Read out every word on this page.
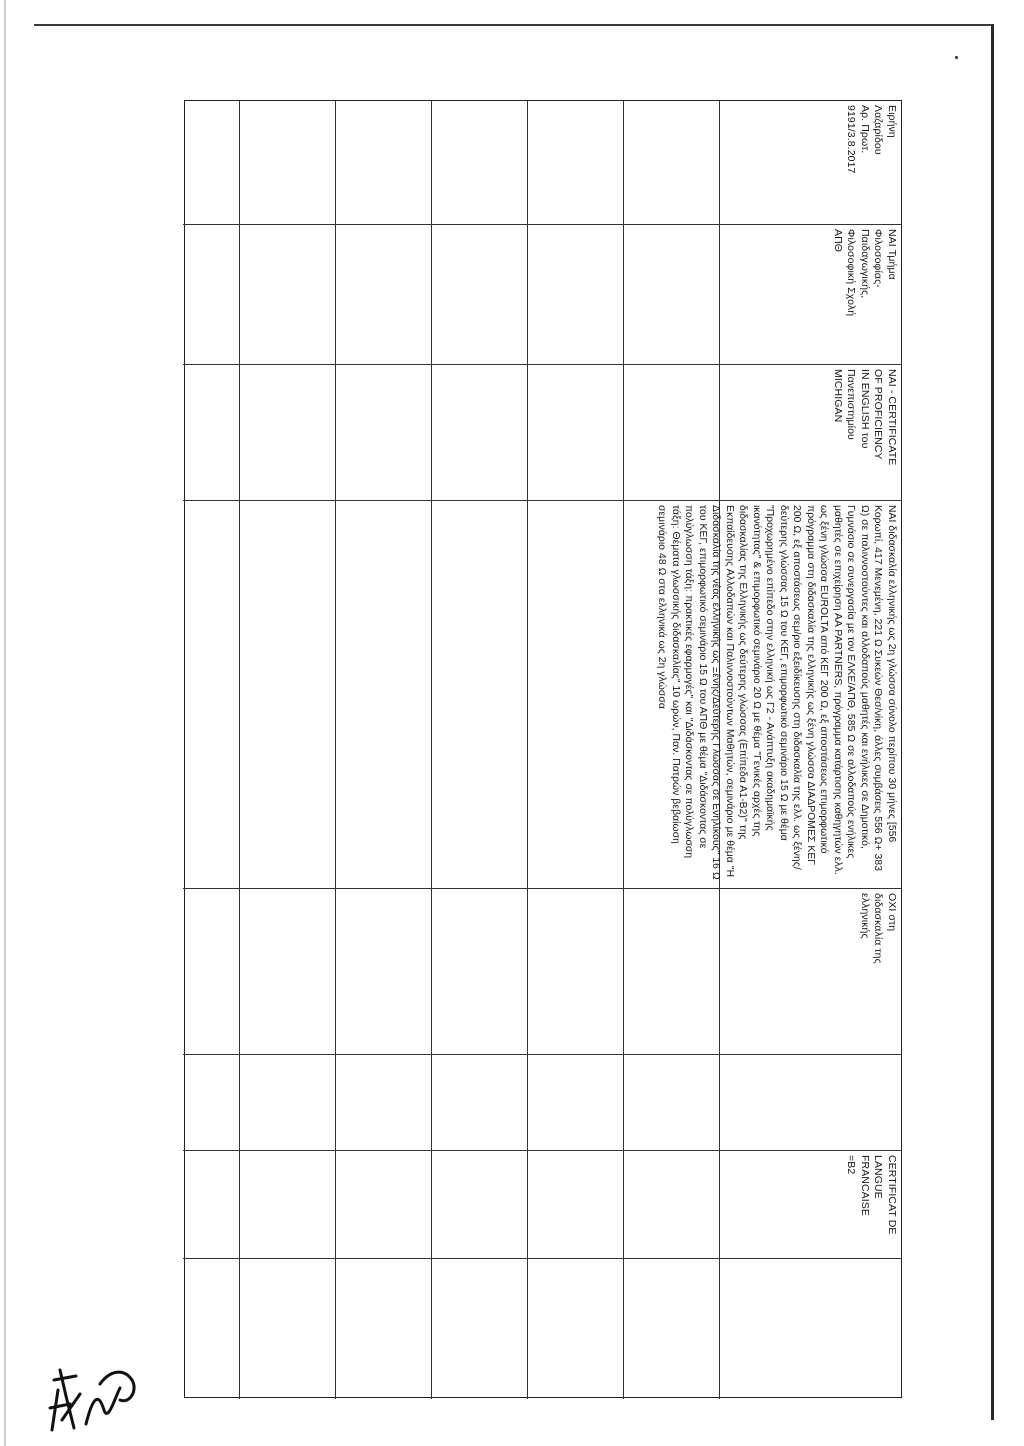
Ειρήνη
Λαζαρίδου
Αρ. Πρωτ.
9191/3.8.2017
ΝΑΙ Τμήμα
Φιλοσοφίας-
Παιδαγωγικής,
Φιλοσοφική Σχολή
ΑΠΘ
ΝΑΙ - CERTIFICATE
OF PROFICIENCY
IN ENGLISH του
Πανεπιστημίου
MICHIGAN
ΝΑΙ διδασκαλία ελληνικής ως 2η γλώσσα σύνολο περίπου 30 μήνες [556 Κορωπί, 417 Μενεμένη, 221 Ω Συκεών Θεσ/νίκη, άλλες συμβάσεις 556 Ω+ 383 Ω) σε παλιννοστούντες και αλλοδαπούς μαθητές και ενήλικες σε Δημοτικό, Γυμνάσιο σε συνεργασία με τον ΕΛΚΕ/ΑΠΘ, 585 Ω σε αλλοδαπούς ενήλικες μαθητές σε επιχείρηση ΑΑ PARTNERS, πρόγραμμα κατάρτισης καθηγητών ελλ. ως ξένη γλώσσα EUROLTA από ΚΕΓ 200 Ω, εξ αποστάσεως επιμορφωτικό πρόγραμμα στη διδασκαλία της ελληνικής ως ξένη γλώσσα ΔΙΑΔΡΟΜΕΣ ΚΕΓ 200 Ω, εξ αποστάσεως σεμ/ριο εξειδίκευσης στη διδασκαλία της ελλ. ως ξένης/δεύτερης γλώσσας 15 Ω του ΚΕΓ, επιμορφωτικό σεμινάριο 15 Ω με θέμα "Προχωρημένο επίπεδο στην ελληνική ως Γ2 - Ανάπτυξη ακαδημαϊκής ικανότητας" & επιμορφωτικό σεμινάριο 20 Ω με θέμα "Γενικές αρχές της διδασκαλίας της Ελληνικής ως δεύτερης γλώσσας (Επίπεδα Α1-Β2)" της Εκπαίδευσης Αλλοδαπών και Παλιννοστούντων Μαθητών, σεμινάριο με θέμα "Η Διδασκαλία της νέας ελληνικής ως Ξένης/Δεύτερης Γλώσσας σε Ενηλίκους" 16 Ω του ΚΕΓ, επιμορφωτικό σεμινάριο 15 Ω του ΑΠΘ με θέμα "Διδάσκοντας σε πολύγλωσση τάξη: πρακτικές εφαρμογές" και "Διδάσκοντας σε πολύγλωσση τάξη: Θέματα γλωσσικής διδασκαλίας" 10 ωρών, Παν. Πατρών βεβαίωση σεμινάριο 48 Ω στα ελληνικά ως 2η γλώσσα
ΟΧΙ στη
διδασκαλία της
ελληνικής
CERTIFICAT DE
LANGUE
FRANCAISE
=B2
